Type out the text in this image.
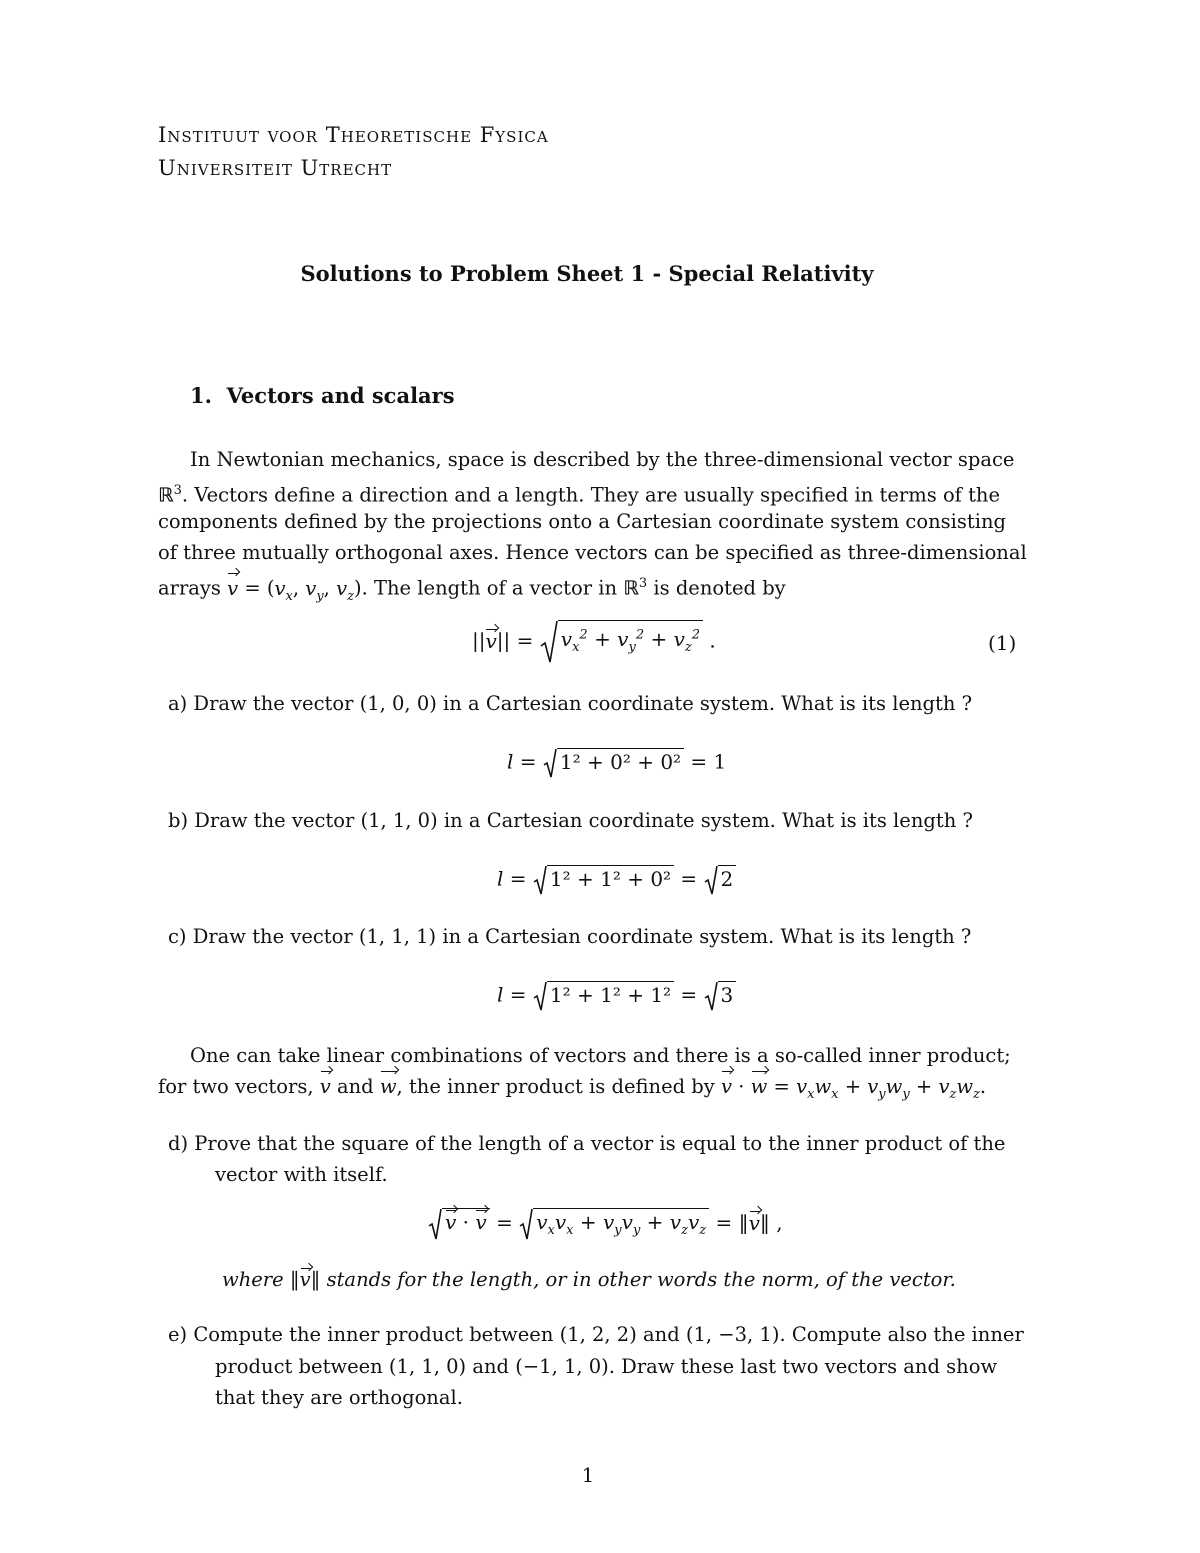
Instituut voor Theoretische Fysica
Universiteit Utrecht
Solutions to Problem Sheet 1 - Special Relativity
1. Vectors and scalars
In Newtonian mechanics, space is described by the three-dimensional vector space
ℝ$^3$. Vectors define a direction and a length. They are usually specified in terms of the
components defined by the projections onto a Cartesian coordinate system consisting
of three mutually orthogonal axes. Hence vectors can be specified as three-dimensional
arrays $v = (v_x$, $v_y$, $v_z$). The length of a vector in ℝ$^3$ is denoted by
$||v|| = v_x^2 + v_y^2 + v_z^2$ .	(1)
a) Draw the vector (1, 0, 0) in a Cartesian coordinate system. What is its length ?
l = 1² + 0² + 0² = 1
b) Draw the vector (1, 1, 0) in a Cartesian coordinate system. What is its length ?
l = 1² + 1² + 0² = 2
c) Draw the vector (1, 1, 1) in a Cartesian coordinate system. What is its length ?
l = 1² + 1² + 1² = 3
One can take linear combinations of vectors and there is a so-called inner product;
for two vectors, v and w, the inner product is defined by $v \cdot w = v_xw_x + v_yw_y + v_zw_z$.
d) Prove that the square of the length of a vector is equal to the inner product of the
vector with itself.
$v \cdot v = v_xv_x + v_yv_y + v_zv_z$ = ‖v‖ ,
where ‖v‖ stands for the length, or in other words the norm, of the vector.
e) Compute the inner product between (1, 2, 2) and (1, −3, 1). Compute also the inner
product between (1, 1, 0) and (−1, 1, 0). Draw these last two vectors and show
that they are orthogonal.
1
